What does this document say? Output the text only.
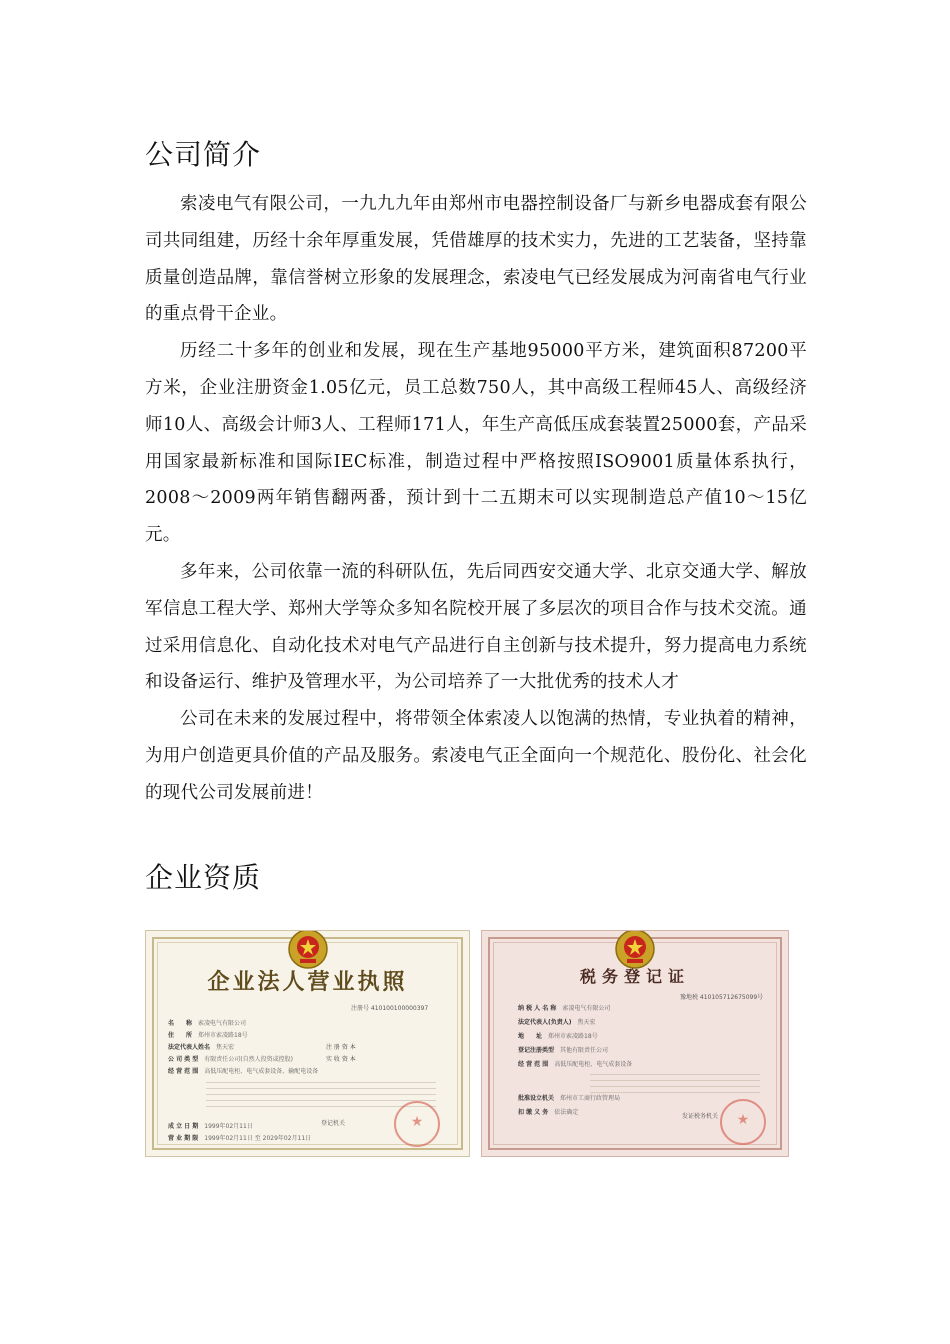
公司简介

索凌电气有限公司，一九九九年由郑州市电器控制设备厂与新乡电器成套有限公司共同组建，历经十余年厚重发展，凭借雄厚的技术实力，先进的工艺装备，坚持靠质量创造品牌，靠信誉树立形象的发展理念，索凌电气已经发展成为河南省电气行业的重点骨干企业。

历经二十多年的创业和发展，现在生产基地95000平方米，建筑面积87200平方米，企业注册资金1.05亿元，员工总数750人，其中高级工程师45人、高级经济师10人、高级会计师3人、工程师171人，年生产高低压成套装置25000套，产品采用国家最新标准和国际IEC标准，制造过程中严格按照ISO9001质量体系执行，2008～2009两年销售翻两番，预计到十二五期末可以实现制造总产值10～15亿元。

多年来，公司依靠一流的科研队伍，先后同西安交通大学、北京交通大学、解放军信息工程大学、郑州大学等众多知名院校开展了多层次的项目合作与技术交流。通过采用信息化、自动化技术对电气产品进行自主创新与技术提升，努力提高电力系统和设备运行、维护及管理水平，为公司培养了一大批优秀的技术人才

公司在未来的发展过程中，将带领全体索凌人以饱满的热情，专业执着的精神，为用户创造更具价值的产品及服务。索凌电气正全面向一个规范化、股份化、社会化的现代公司发展前进！

企业资质
企业法人营业执照
注册号 410100100000397
名　　称 索凌电气有限公司
住　　所 郑州市索凌路18号
法定代表人姓名 焦天宏
公 司 类 型 有限责任公司(自然人投资或控股)
经 营 范 围 高低压配电柜、电气成套设备、输配电设备
注 册 资 本
实 收 资 本
成 立 日 期 1999年02月11日
营 业 期 限 1999年02月11日 至 2029年02月11日
登记机关
★
税务登记证
豫地税 410105712675099号
纳 税 人 名 称 索凌电气有限公司
法定代表人(负责人) 焦天宏
地　　址 郑州市索凌路18号
登记注册类型 其他有限责任公司
经 营 范 围 高低压配电柜、电气成套设备
批准设立机关 郑州市工商行政管理局
扣 缴 义 务 依法确定
发证税务机关
★
